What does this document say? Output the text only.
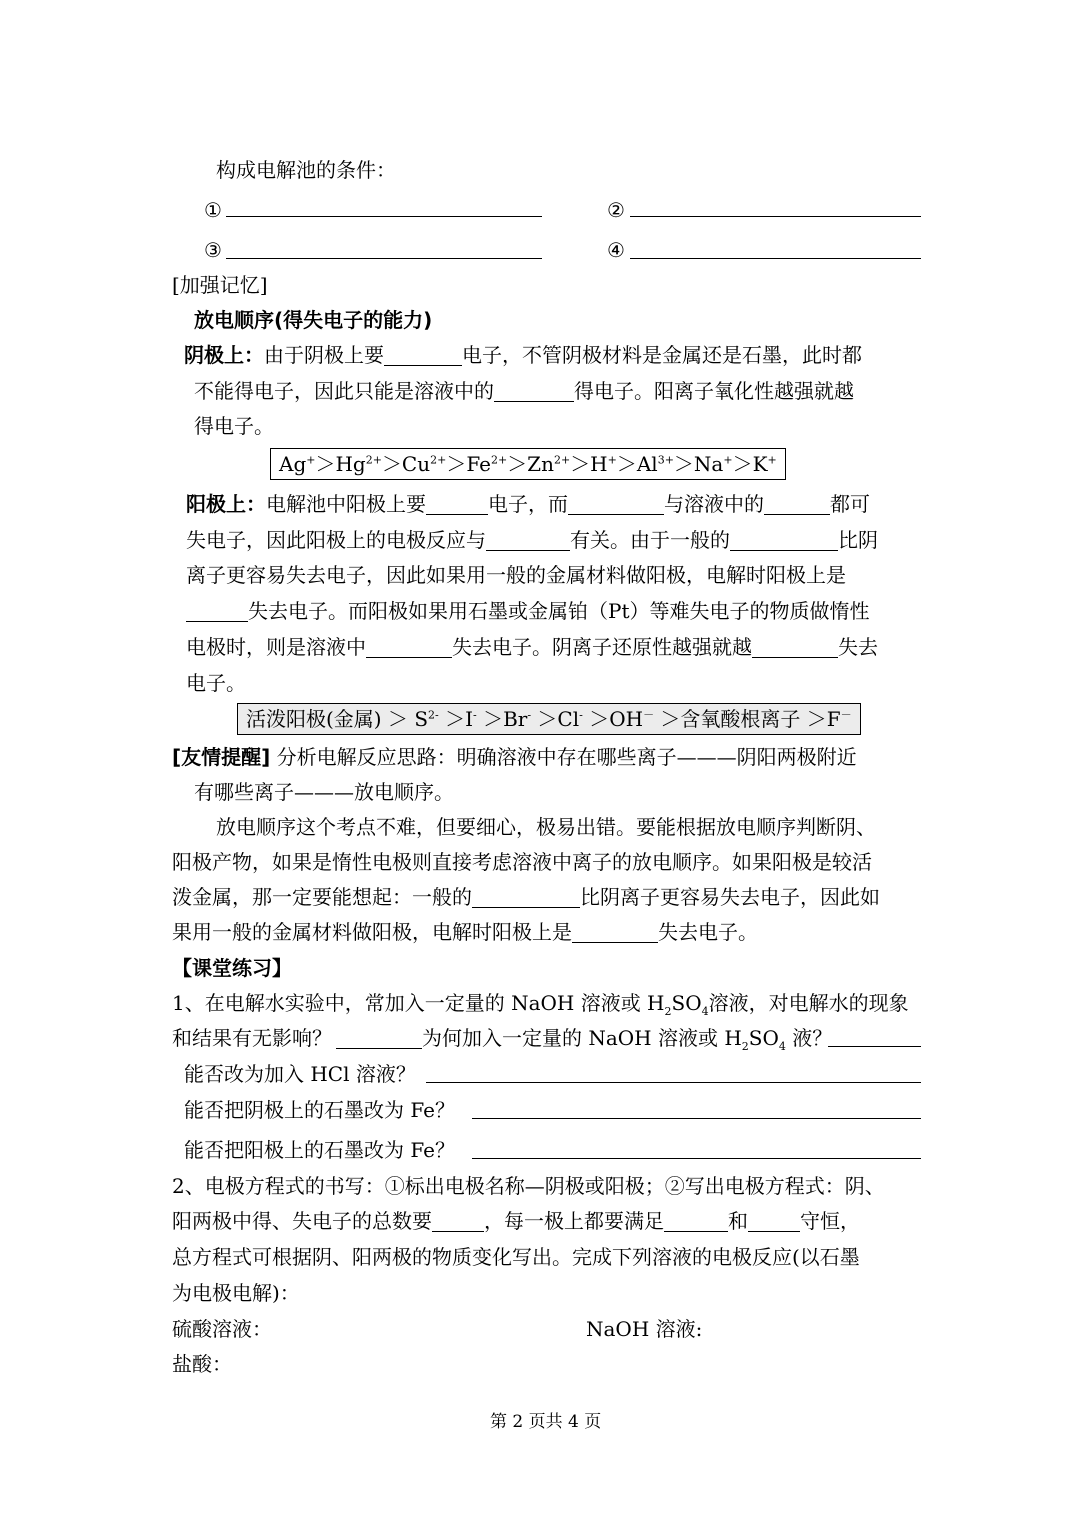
构成电解池的条件：
①	②
③	④
[加强记忆]
放电顺序(得失电子的能力)
阴极上：由于阴极上要	电子，不管阴极材料是金属还是石墨，此时都
不能得电子，因此只能是溶液中的	得电子。阳离子氧化性越强就越
得电子。
$Ag^+>Hg^{2+}>Cu^{2+}>Fe^{2+}>Zn^{2+}>H^+>Al^{3+}>Na^+>K^+$
阳极上：电解池中阳极上要	电子，而	与溶液中的	都可
失电子，因此阳极上的电极反应与	有关。由于一般的	比阴
离子更容易失去电子，因此如果用一般的金属材料做阳极，电解时阳极上是
失去电子。而阳极如果用石墨或金属铂（Pt）等难失电子的物质做惰性
电极时，则是溶液中	失去电子。阴离子还原性越强就越	失去
电子。
活泼阳极(金属) ＞ $S^{2-} >I^- >Br^- >Cl^- >OH^-$ ＞含氧酸根离子 ＞F－
[友情提醒] 分析电解反应思路：明确溶液中存在哪些离子———阴阳两极附近
有哪些离子———放电顺序。
放电顺序这个考点不难，但要细心，极易出错。要能根据放电顺序判断阴、
阳极产物，如果是惰性电极则直接考虑溶液中离子的放电顺序。如果阳极是较活
泼金属，那一定要能想起：一般的	比阴离子更容易失去电子，因此如
果用一般的金属材料做阳极，电解时阳极上是	失去电子。
【课堂练习】
1、在电解水实验中，常加入一定量的 NaOH 溶液或 $H_2SO_4$溶液，对电解水的现象
和结果有无影响？	为何加入一定量的 NaOH 溶液或 $H_2SO_4$ 液？
能否改为加入 HCl 溶液？
能否把阴极上的石墨改为 Fe？
能否把阳极上的石墨改为 Fe？
2、电极方程式的书写：①标出电极名称—阴极或阳极；②写出电极方程式：阴、
阳两极中得、失电子的总数要	，每一极上都要满足	和	守恒，
总方程式可根据阴、阳两极的物质变化写出。完成下列溶液的电极反应(以石墨
为电极电解)：
硫酸溶液：	NaOH 溶液:
盐酸：
第 2 页共 4 页
